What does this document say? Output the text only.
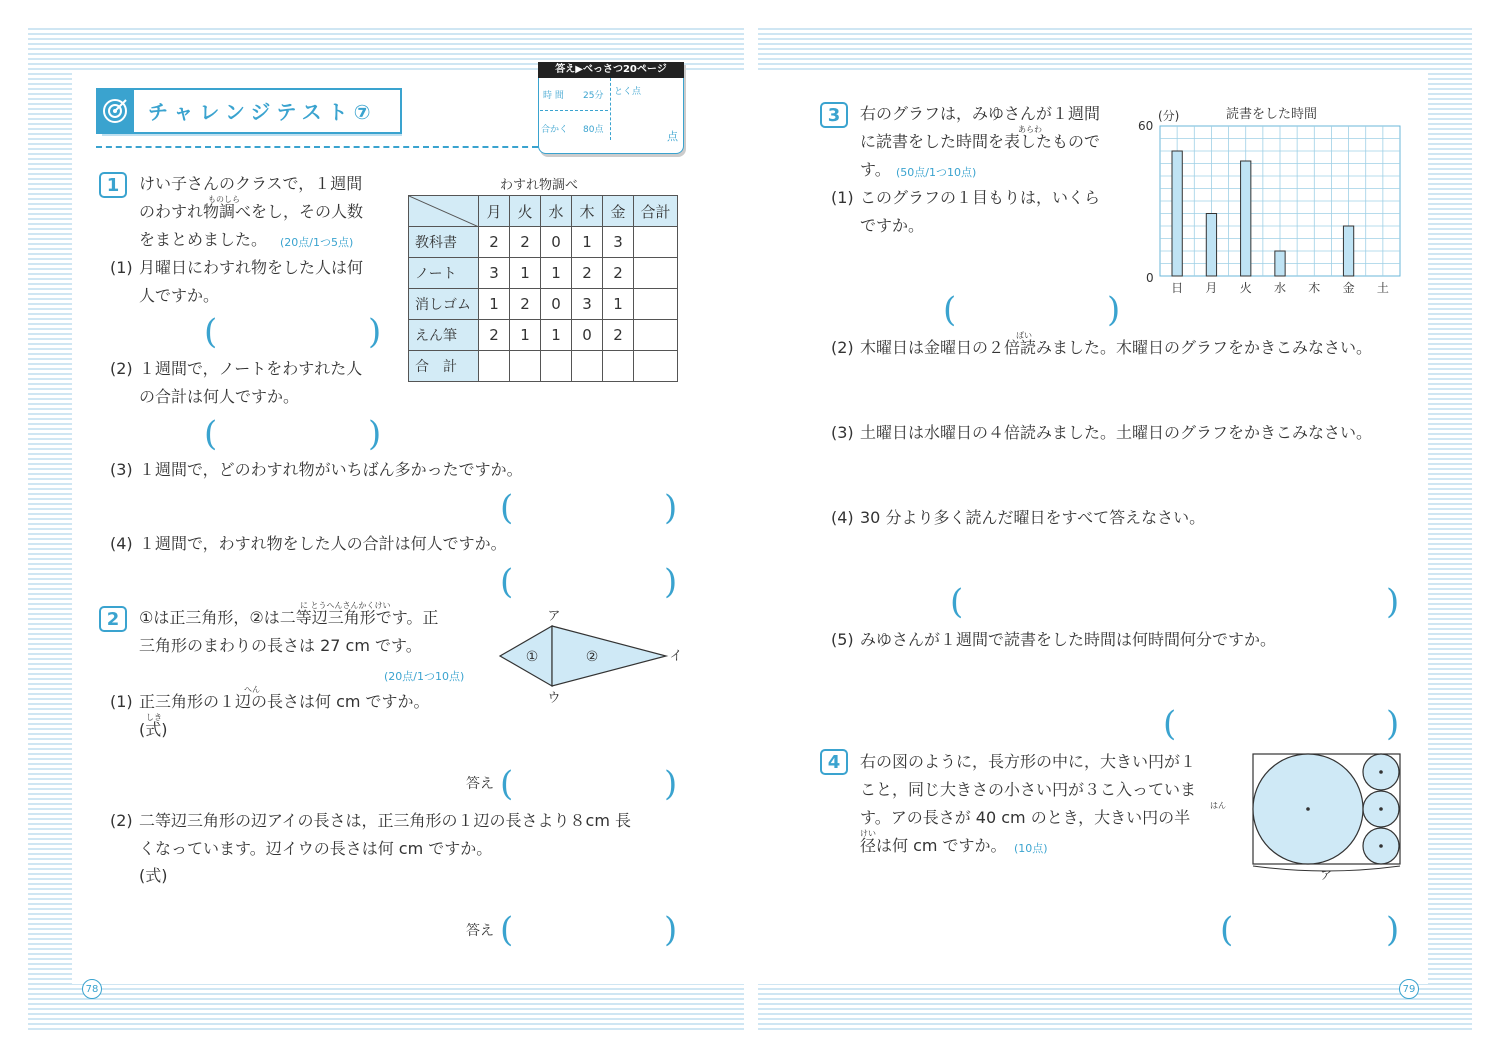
チャレンジテスト⑦
答え▶べっさつ20ページ
時 間 25分
合かく 80点
とく点
点
1	けい子さんのクラスで，１週間
ものしら
のわすれ物調べをし，その人数
をまとめました。 (20点/1つ5点)
わすれ物調べ
	月	火	水	木	金	合計
教科書	2	2	0	1	3	
ノート	3	1	1	2	2	
消しゴム	1	2	0	3	1	
えん筆	2	1	1	0	2	
合　計						
(1) 月曜日にわすれ物をした人は何
人ですか。
(	)
(2) １週間で，ノートをわすれた人
の合計は何人ですか。
(	)
(3) １週間で，どのわすれ物がいちばん多かったですか。
(	)
(4) １週間で，わすれ物をした人の合計は何人ですか。
(	)
2
に とうへんさんかくけい
①は正三角形，②は二等辺三角形です。正
三角形のまわりの長さは 27 cm です。
(20点/1つ10点)
①	②
ア
イ
ウ
へん
(1) 正三角形の１辺の長さは何 cm ですか。
しき
(式)
答え (	)
(2) 二等辺三角形の辺アイの長さは，正三角形の１辺の長さより８cm 長
くなっています。辺イウの長さは何 cm ですか。
(式)
答え (	)
78
3	右のグラフは，みゆさんが１週間
あらわ
に読書をした時間を表したもので
す。 (50点/1つ10点)
(1) このグラフの１目もりは，いくら
ですか。
(	)
読書をした時間
(分)
60
0
日 月 火 水 木 金 土
ばい
(2) 木曜日は金曜日の２倍読みました。木曜日のグラフをかきこみなさい。
(3) 土曜日は水曜日の４倍読みました。土曜日のグラフをかきこみなさい。
(4) 30 分より多く読んだ曜日をすべて答えなさい。
(	)
(5) みゆさんが１週間で読書をした時間は何時間何分ですか。
(	)
4	右の図のように，長方形の中に，大きい円が１
こと，同じ大きさの小さい円が３こ入っていま
はん
す。アの長さが 40 cm のとき，大きい円の半
けい
径は何 cm ですか。 (10点)
ア
(	)
79
